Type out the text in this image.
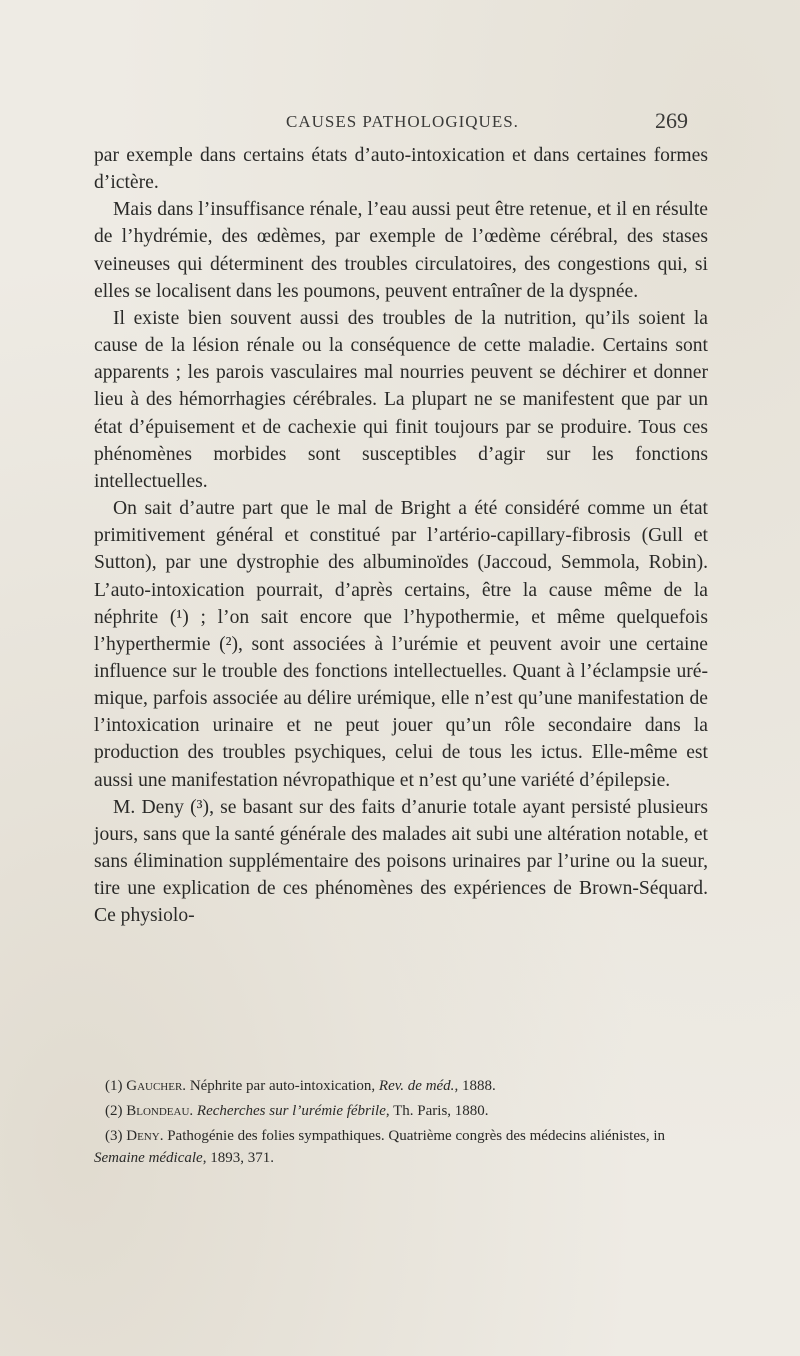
CAUSES PATHOLOGIQUES.	269

par exemple dans certains états d’auto-intoxication et dans certaines formes d’ictère.

Mais dans l’insuffisance rénale, l’eau aussi peut être retenue, et il en résulte de l’hydrémie, des œdèmes, par exemple de l’œdème cérébral, des stases veineuses qui déterminent des troubles circulatoires, des congestions qui, si elles se localisent dans les poumons, peuvent entraîner de la dyspnée.

Il existe bien souvent aussi des troubles de la nutrition, qu’ils soient la cause de la lésion rénale ou la conséquence de cette maladie. Certains sont apparents ; les parois vasculaires mal nourries peuvent se déchirer et donner lieu à des hémorrhagies cérébrales. La plupart ne se manifestent que par un état d’épuisement et de cachexie qui finit toujours par se produire. Tous ces phénomènes morbides sont susceptibles d’agir sur les fonctions intellectuelles.

On sait d’autre part que le mal de Bright a été considéré comme un état primitivement général et constitué par l’artério-capillary-fibrosis (Gull et Sutton), par une dystrophie des albuminoïdes (Jaccoud, Semmola, Robin). L’auto-intoxication pourrait, d’après certains, être la cause même de la néphrite (¹) ; l’on sait encore que l’hypothermie, et même quelquefois l’hyperthermie (²), sont associées à l’urémie et peuvent avoir une certaine influence sur le trouble des fonctions intellectuelles. Quant à l’éclampsie urémique, parfois associée au délire urémique, elle n’est qu’une manifestation de l’intoxication urinaire et ne peut jouer qu’un rôle secondaire dans la production des troubles psychiques, celui de tous les ictus. Elle-même est aussi une manifestation névropathique et n’est qu’une variété d’épilepsie.

M. Deny (³), se basant sur des faits d’anurie totale ayant persisté plusieurs jours, sans que la santé générale des malades ait subi une altération notable, et sans élimination supplémentaire des poisons urinaires par l’urine ou la sueur, tire une explication de ces phénomènes des expériences de Brown-Séquard. Ce physiolo-

(1) Gaucher. Néphrite par auto-intoxication, Rev. de méd., 1888.

(2) Blondeau. Recherches sur l’urémie fébrile, Th. Paris, 1880.

(3) Deny. Pathogénie des folies sympathiques. Quatrième congrès des médecins aliénistes, in Semaine médicale, 1893, 371.
